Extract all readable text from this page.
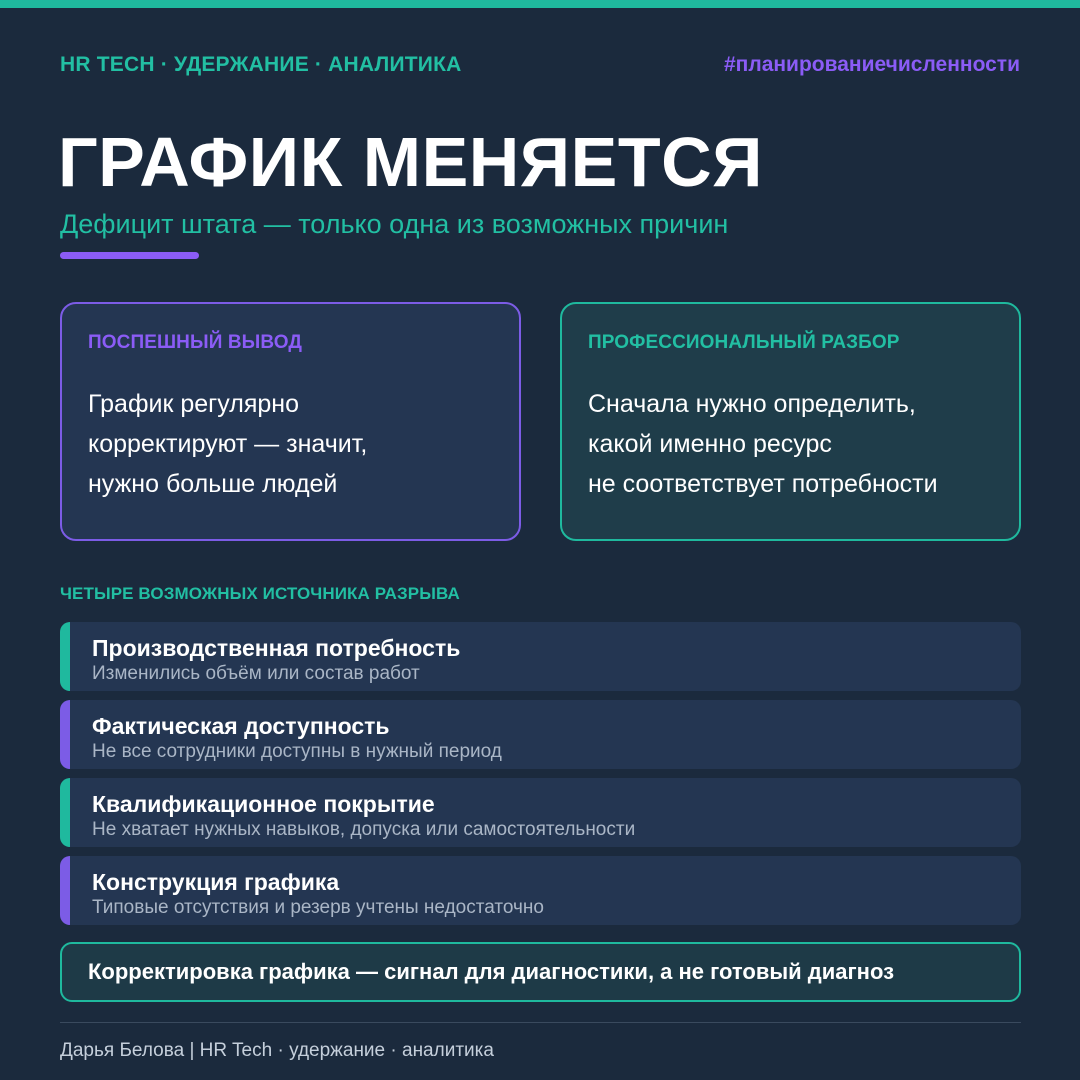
HR TECH · УДЕРЖАНИЕ · АНАЛИТИКА	#планированиечисленности
ГРАФИК МЕНЯЕТСЯ
Дефицит штата — только одна из возможных причин
ПОСПЕШНЫЙ ВЫВОД
График регулярно
корректируют — значит,
нужно больше людей
ПРОФЕССИОНАЛЬНЫЙ РАЗБОР
Сначала нужно определить,
какой именно ресурс
не соответствует потребности
ЧЕТЫРЕ ВОЗМОЖНЫХ ИСТОЧНИКА РАЗРЫВА
Производственная потребность
Изменились объём или состав работ
Фактическая доступность
Не все сотрудники доступны в нужный период
Квалификационное покрытие
Не хватает нужных навыков, допуска или самостоятельности
Конструкция графика
Типовые отсутствия и резерв учтены недостаточно
Корректировка графика — сигнал для диагностики, а не готовый диагноз
Дарья Белова | HR Tech · удержание · аналитика
